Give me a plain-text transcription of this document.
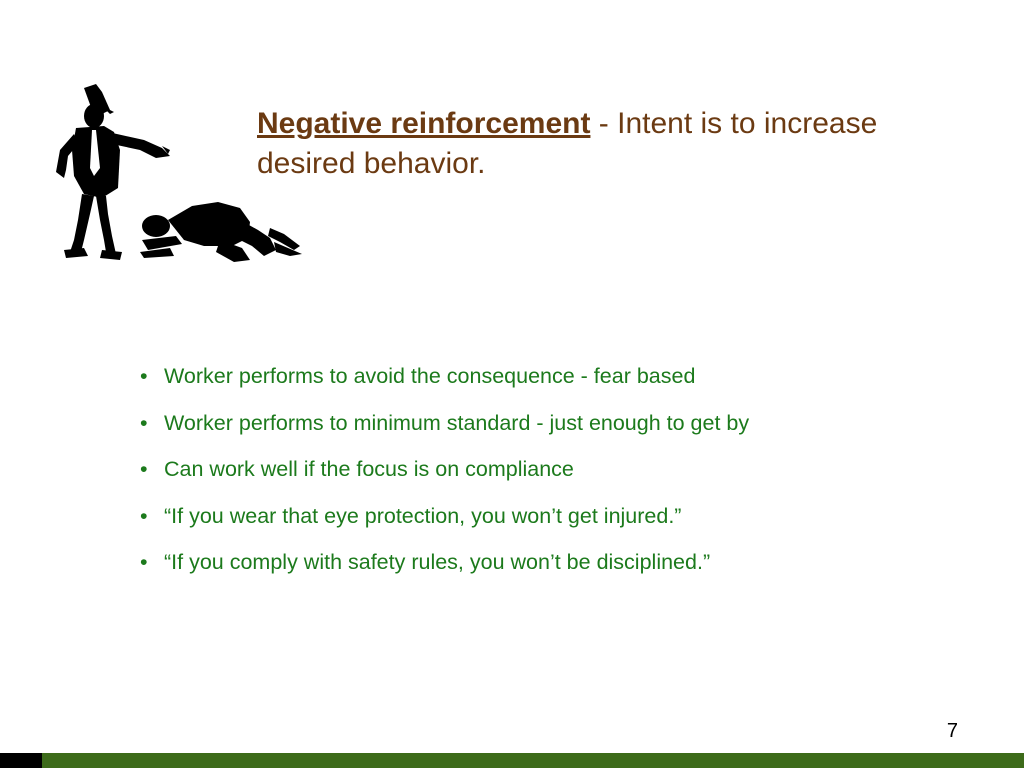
Negative reinforcement - Intent is to increase desired behavior.
• Worker performs to avoid the consequence - fear based
• Worker performs to minimum standard - just enough to get by
• Can work well if the focus is on compliance
• “If you wear that eye protection, you won’t get injured.”
• “If you comply with safety rules, you won’t be disciplined.”
7
